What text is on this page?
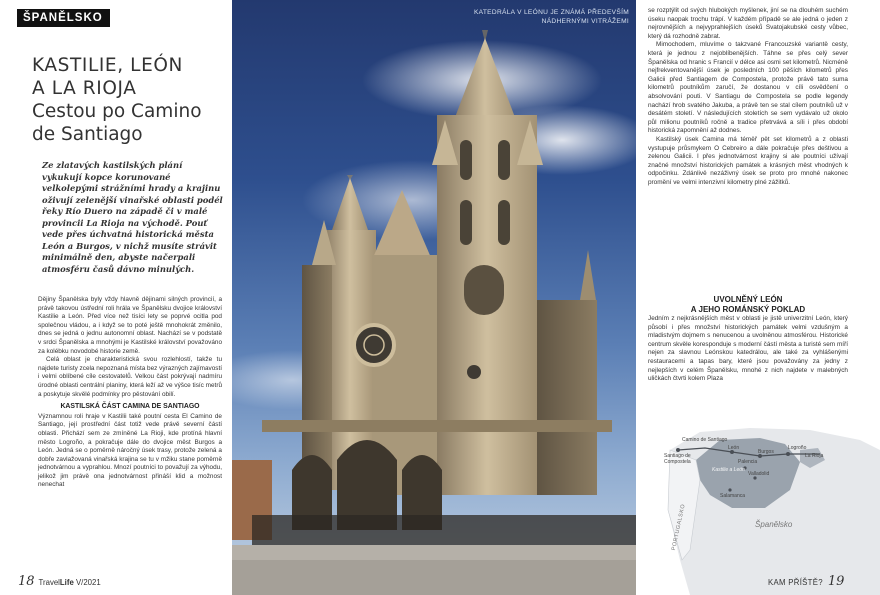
ŠPANĚLSKO
KASTILIE, LEÓN
A LA RIOJA
Cestou po Camino
de Santiago

Ze zlatavých kastilských plání vykukují kopce korunované velkolepými strážními hrady a krajinu oživují zelenější vinařské oblasti podél řeky Río Duero na západě či v malé provincii La Rioja na východě. Pouť vede přes úchvatná historická města León a Burgos, v nichž musíte strávit minimálně den, abyste načerpali atmosféru časů dávno minulých.

Dějiny Španělska byly vždy hlavně dějinami silných provincií, a právě takovou ústřední roli hrála ve Španělsku dvojice království Kastilie a León. Před více než tisíci lety se poprvé ocitla pod společnou vládou, a i když se to poté ještě mnohokrát změnilo, dnes se jedná o jednu autonomní oblast. Nachází se v podstatě v srdci Španělska a mnohými je Kastilské království považováno za kolébku novodobé historie země.

Celá oblast je charakteristická svou rozlehlostí, takže tu najdete turisty zcela nepoznaná místa bez výrazných zajímavostí i velmi oblíbené cíle cestovatelů. Velkou část pokrývají nadmíru úrodné oblasti centrální planiny, která leží až ve výšce tisíc metrů a poskytuje skvělé podmínky pro pěstování obilí.

KASTILSKÁ ČÁST CAMINA DE SANTIAGO

Významnou roli hraje v Kastilii také poutní cesta El Camino de Santiago, její prostřední část totiž vede právě severní částí oblasti. Přichází sem ze zmíněné La Rioji, kde protíná hlavní město Logroño, a pokračuje dále do dvojice měst Burgos a León. Jedná se o poměrně náročný úsek trasy, protože zelená a dobře zavlažovaná vinařská krajina se tu v mžiku stane poměrně jednotvárnou a vyprahlou. Mnozí poutníci to považují za výhodu, jelikož jim právě ona jednotvárnost přináší klid a možnost nenechat

18 TravelLife V/2021
KATEDRÁLA V LEÓNU JE ZNÁMÁ PŘEDEVŠÍM NÁDHERNÝMI VITRÁŽEMI

se rozptýlit od svých hlubokých myšlenek, jiní se na dlouhém suchém úseku naopak trochu trápí. V každém případě se ale jedná o jeden z nejrovnějších a nejvyprahlejších úseků Svatojakubské cesty vůbec, který dá rozhodně zabrat.

Mimochodem, mluvíme o takzvané Francouzské variantě cesty, která je jednou z nejoblíbenějších. Táhne se přes celý sever Španělska od hranic s Francií v délce asi osmi set kilometrů. Nicméně nejfrekventovanější úsek je posledních 100 pěších kilometrů přes Galicii před Santiagem de Compostela, protože právě tato suma kilometrů poutníkům zaručí, že dostanou v cíli osvědčení o absolvování pouti. V Santiagu de Compostela se podle legendy nachází hrob svatého Jakuba, a právě ten se stal cílem poutníků už v desátém století. V následujících stoletích se sem vydávalo už okolo půl milionu poutníků ročně a tradice přetrvává a síli i přes období historická zapomnění až dodnes.

Kastilský úsek Camina má téměř pět set kilometrů a z oblasti vystupuje průsmykem O Cebreiro a dále pokračuje přes deštivou a zelenou Galicii. I přes jednotvárnost krajiny si ale poutníci užívají značné množství historických památek a krásných měst vhodných k odpočinku. Zdánlivě nezáživný úsek se proto pro mnohé nakonec promění ve velmi intenzivní kilometry plné zážitků.

UVOLNĚNÝ LEÓN
A JEHO ROMÁNSKÝ POKLAD

Jedním z nejkrásnějších měst v oblasti je jistě univerzitní León, který působí i přes množství historických památek velmi vzdušným a mladistvým dojmem s nenucenou a uvolněnou atmosférou. Historické centrum skvěle koresponduje s moderní částí města a turisté sem míří nejen za slavnou Leónskou katedrálou, ale také za vyhlášenými restauracemi a tapas bary, které jsou považovány za jedny z nejlepších v celém Španělsku, mnohé z nich najdete v malebných uličkách čtvrti kolem Plaza

Camino de Santiago
Santiago de Compostela
León
Burgos
Logroño
La Rioja
Palencia
Valladolid
Salamanca
Kastilie a León
PORTUGALSKO	Španělsko
KAM PŘÍŠTĚ? 19
